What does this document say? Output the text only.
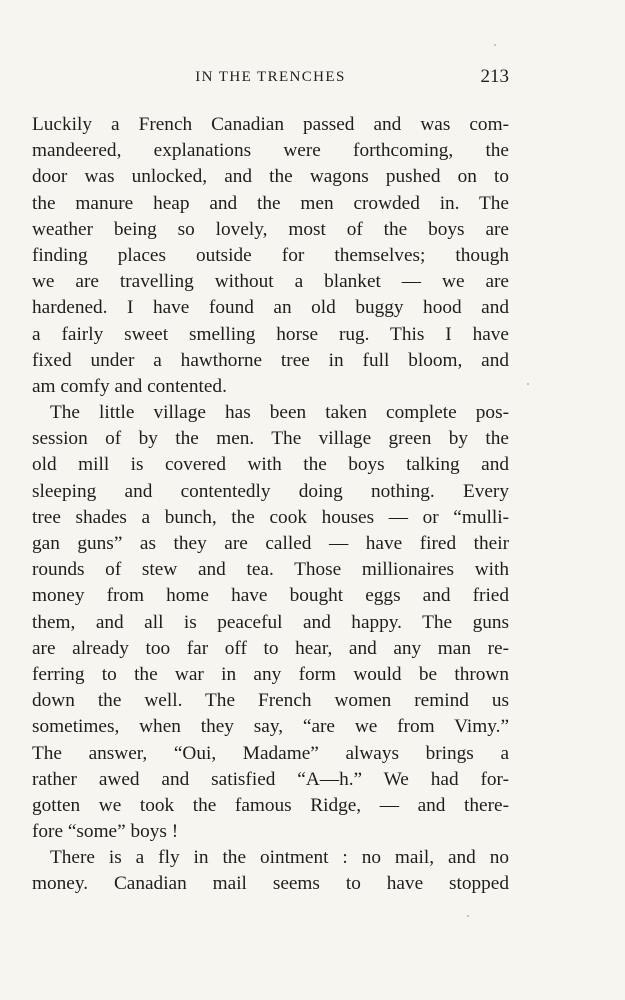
IN THE TRENCHES	213
Luckily a French Canadian passed and was com-
mandeered, explanations were forthcoming, the
door was unlocked, and the wagons pushed on to
the manure heap and the men crowded in. The
weather being so lovely, most of the boys are
finding places outside for themselves; though
we are travelling without a blanket — we are
hardened. I have found an old buggy hood and
a fairly sweet smelling horse rug. This I have
fixed under a hawthorne tree in full bloom, and
am comfy and contented.
The little village has been taken complete pos-
session of by the men. The village green by the
old mill is covered with the boys talking and
sleeping and contentedly doing nothing. Every
tree shades a bunch, the cook houses — or “mulli-
gan guns” as they are called — have fired their
rounds of stew and tea. Those millionaires with
money from home have bought eggs and fried
them, and all is peaceful and happy. The guns
are already too far off to hear, and any man re-
ferring to the war in any form would be thrown
down the well. The French women remind us
sometimes, when they say, “are we from Vimy.”
The answer, “Oui, Madame” always brings a
rather awed and satisfied “A—h.” We had for-
gotten we took the famous Ridge, — and there-
fore “some” boys !
There is a fly in the ointment : no mail, and no
money. Canadian mail seems to have stopped
